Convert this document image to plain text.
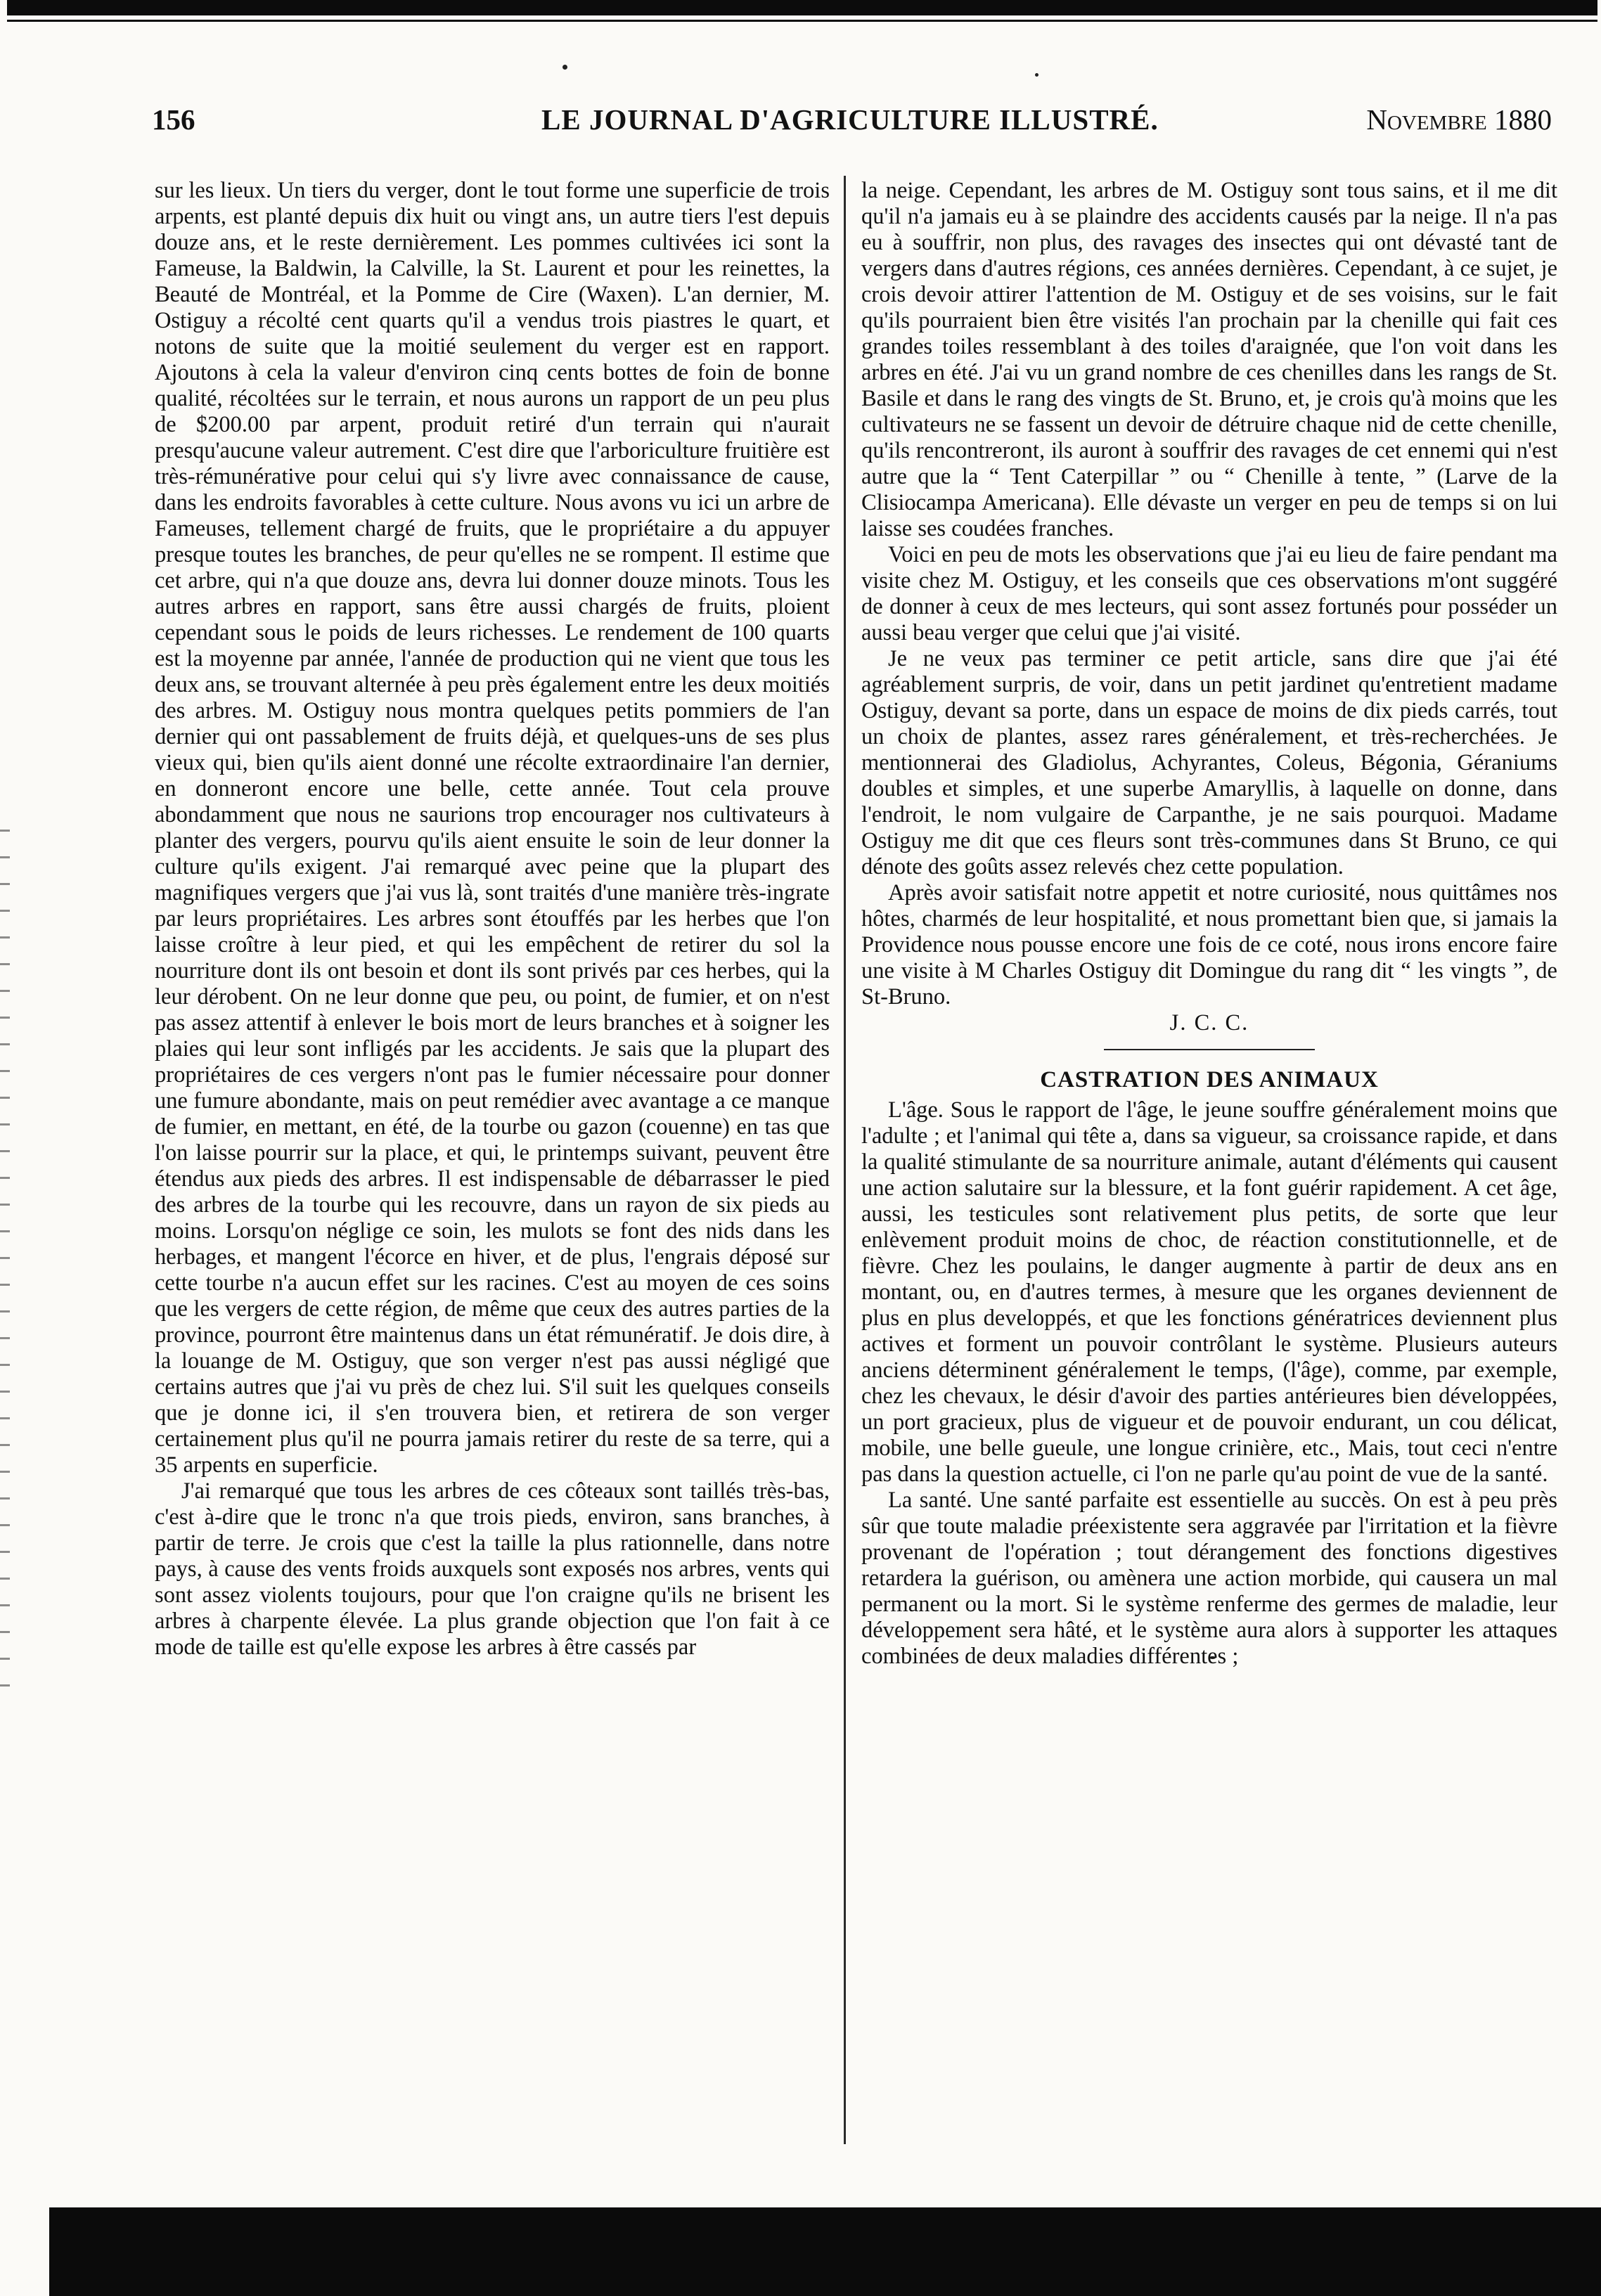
156	LE JOURNAL D'AGRICULTURE ILLUSTRÉ.	Novembre 1880

sur les lieux. Un tiers du verger, dont le tout forme une superficie de trois arpents, est planté depuis dix huit ou vingt ans, un autre tiers l'est depuis douze ans, et le reste dernièrement. Les pommes cultivées ici sont la Fameuse, la Baldwin, la Calville, la St. Laurent et pour les reinettes, la Beauté de Montréal, et la Pomme de Cire (Waxen). L'an dernier, M. Ostiguy a récolté cent quarts qu'il a vendus trois piastres le quart, et notons de suite que la moitié seulement du verger est en rapport. Ajoutons à cela la valeur d'environ cinq cents bottes de foin de bonne qualité, récoltées sur le terrain, et nous aurons un rapport de un peu plus de $200.00 par arpent, produit retiré d'un terrain qui n'aurait presqu'aucune valeur autrement. C'est dire que l'arboriculture fruitière est très-rémunérative pour celui qui s'y livre avec connaissance de cause, dans les endroits favorables à cette culture. Nous avons vu ici un arbre de Fameuses, tellement chargé de fruits, que le propriétaire a du appuyer presque toutes les branches, de peur qu'elles ne se rompent. Il estime que cet arbre, qui n'a que douze ans, devra lui donner douze minots. Tous les autres arbres en rapport, sans être aussi chargés de fruits, ploient cependant sous le poids de leurs richesses. Le rendement de 100 quarts est la moyenne par année, l'année de production qui ne vient que tous les deux ans, se trouvant alternée à peu près également entre les deux moitiés des arbres. M. Ostiguy nous montra quelques petits pommiers de l'an dernier qui ont passablement de fruits déjà, et quelques-uns de ses plus vieux qui, bien qu'ils aient donné une récolte extraordinaire l'an dernier, en donneront encore une belle, cette année. Tout cela prouve abondamment que nous ne saurions trop encourager nos cultivateurs à planter des vergers, pourvu qu'ils aient ensuite le soin de leur donner la culture qu'ils exigent. J'ai remarqué avec peine que la plupart des magnifiques vergers que j'ai vus là, sont traités d'une manière très-ingrate par leurs propriétaires. Les arbres sont étouffés par les herbes que l'on laisse croître à leur pied, et qui les empêchent de retirer du sol la nourriture dont ils ont besoin et dont ils sont privés par ces herbes, qui la leur dérobent. On ne leur donne que peu, ou point, de fumier, et on n'est pas assez attentif à enlever le bois mort de leurs branches et à soigner les plaies qui leur sont infligés par les accidents. Je sais que la plupart des propriétaires de ces vergers n'ont pas le fumier nécessaire pour donner une fumure abondante, mais on peut remédier avec avantage a ce manque de fumier, en mettant, en été, de la tourbe ou gazon (couenne) en tas que l'on laisse pourrir sur la place, et qui, le printemps suivant, peuvent être étendus aux pieds des arbres. Il est indispensable de débarrasser le pied des arbres de la tourbe qui les recouvre, dans un rayon de six pieds au moins. Lorsqu'on néglige ce soin, les mulots se font des nids dans les herbages, et mangent l'écorce en hiver, et de plus, l'engrais déposé sur cette tourbe n'a aucun effet sur les racines. C'est au moyen de ces soins que les vergers de cette région, de même que ceux des autres parties de la province, pourront être maintenus dans un état rémunératif. Je dois dire, à la louange de M. Ostiguy, que son verger n'est pas aussi négligé que certains autres que j'ai vu près de chez lui. S'il suit les quelques conseils que je donne ici, il s'en trouvera bien, et retirera de son verger certainement plus qu'il ne pourra jamais retirer du reste de sa terre, qui a 35 arpents en superficie.

J'ai remarqué que tous les arbres de ces côteaux sont taillés très-bas, c'est à-dire que le tronc n'a que trois pieds, environ, sans branches, à partir de terre. Je crois que c'est la taille la plus rationnelle, dans notre pays, à cause des vents froids auxquels sont exposés nos arbres, vents qui sont assez violents toujours, pour que l'on craigne qu'ils ne brisent les arbres à charpente élevée. La plus grande objection que l'on fait à ce mode de taille est qu'elle expose les arbres à être cassés par

la neige. Cependant, les arbres de M. Ostiguy sont tous sains, et il me dit qu'il n'a jamais eu à se plaindre des accidents causés par la neige. Il n'a pas eu à souffrir, non plus, des ravages des insectes qui ont dévasté tant de vergers dans d'autres régions, ces années dernières. Cependant, à ce sujet, je crois devoir attirer l'attention de M. Ostiguy et de ses voisins, sur le fait qu'ils pourraient bien être visités l'an prochain par la chenille qui fait ces grandes toiles ressemblant à des toiles d'araignée, que l'on voit dans les arbres en été. J'ai vu un grand nombre de ces chenilles dans les rangs de St. Basile et dans le rang des vingts de St. Bruno, et, je crois qu'à moins que les cultivateurs ne se fassent un devoir de détruire chaque nid de cette chenille, qu'ils rencontreront, ils auront à souffrir des ravages de cet ennemi qui n'est autre que la “ Tent Caterpillar ” ou “ Chenille à tente, ” (Larve de la Clisiocampa Americana). Elle dévaste un verger en peu de temps si on lui laisse ses coudées franches.

Voici en peu de mots les observations que j'ai eu lieu de faire pendant ma visite chez M. Ostiguy, et les conseils que ces observations m'ont suggéré de donner à ceux de mes lecteurs, qui sont assez fortunés pour posséder un aussi beau verger que celui que j'ai visité.

Je ne veux pas terminer ce petit article, sans dire que j'ai été agréablement surpris, de voir, dans un petit jardinet qu'entretient madame Ostiguy, devant sa porte, dans un espace de moins de dix pieds carrés, tout un choix de plantes, assez rares généralement, et très-recherchées. Je mentionnerai des Gladiolus, Achyrantes, Coleus, Bégonia, Géraniums doubles et simples, et une superbe Amaryllis, à laquelle on donne, dans l'endroit, le nom vulgaire de Carpanthe, je ne sais pourquoi. Madame Ostiguy me dit que ces fleurs sont très-communes dans St Bruno, ce qui dénote des goûts assez relevés chez cette population.

Après avoir satisfait notre appetit et notre curiosité, nous quittâmes nos hôtes, charmés de leur hospitalité, et nous promettant bien que, si jamais la Providence nous pousse encore une fois de ce coté, nous irons encore faire une visite à M Charles Ostiguy dit Domingue du rang dit “ les vingts ”, de St-Bruno.

J. C. C.

CASTRATION DES ANIMAUX

L'âge. Sous le rapport de l'âge, le jeune souffre généralement moins que l'adulte ; et l'animal qui tête a, dans sa vigueur, sa croissance rapide, et dans la qualité stimulante de sa nourriture animale, autant d'éléments qui causent une action salutaire sur la blessure, et la font guérir rapidement. A cet âge, aussi, les testicules sont relativement plus petits, de sorte que leur enlèvement produit moins de choc, de réaction constitutionnelle, et de fièvre. Chez les poulains, le danger augmente à partir de deux ans en montant, ou, en d'autres termes, à mesure que les organes deviennent de plus en plus developpés, et que les fonctions génératrices deviennent plus actives et forment un pouvoir contrôlant le système. Plusieurs auteurs anciens déterminent généralement le temps, (l'âge), comme, par exemple, chez les chevaux, le désir d'avoir des parties antérieures bien développées, un port gracieux, plus de vigueur et de pouvoir endurant, un cou délicat, mobile, une belle gueule, une longue crinière, etc., Mais, tout ceci n'entre pas dans la question actuelle, ci l'on ne parle qu'au point de vue de la santé.

La santé. Une santé parfaite est essentielle au succès. On est à peu près sûr que toute maladie préexistente sera aggravée par l'irritation et la fièvre provenant de l'opération ; tout dérangement des fonctions digestives retardera la guérison, ou amènera une action morbide, qui causera un mal permanent ou la mort. Si le système renferme des germes de maladie, leur développement sera hâté, et le système aura alors à supporter les attaques combinées de deux maladies différentes ;
